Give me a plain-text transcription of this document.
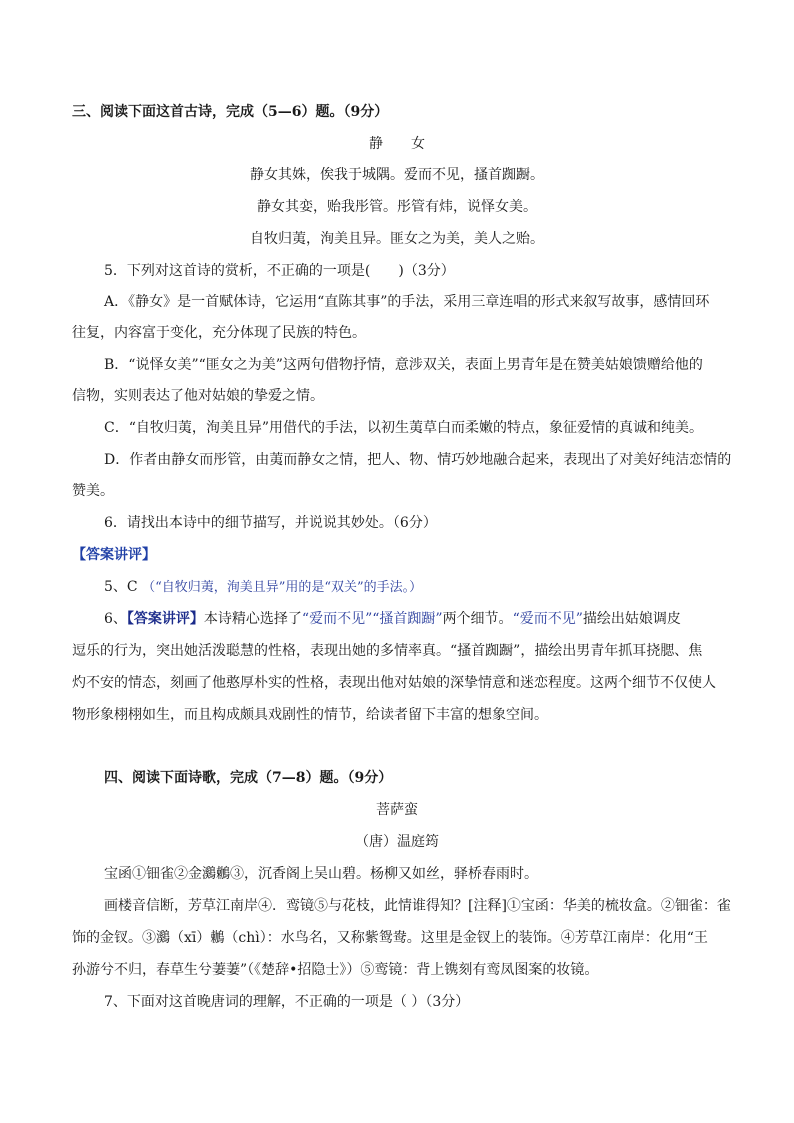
三、阅读下面这首古诗，完成（5—6）题。（9分）
静　　女
静女其姝，俟我于城隅。爱而不见，搔首踟蹰。
静女其娈，贻我彤管。彤管有炜，说怿女美。
自牧归荑，洵美且异。匪女之为美，美人之贻。
5．下列对这首诗的赏析，不正确的一项是(　　)（3分）
A．《静女》是一首赋体诗，它运用“直陈其事”的手法，采用三章连唱的形式来叙写故事，感情回环
往复，内容富于变化，充分体现了民族的特色。
B．“说怿女美”“匪女之为美”这两句借物抒情，意涉双关，表面上男青年是在赞美姑娘馈赠给他的
信物，实则表达了他对姑娘的挚爱之情。
C．“自牧归荑，洵美且异”用借代的手法，以初生荑草白而柔嫩的特点，象征爱情的真诚和纯美。
D．作者由静女而彤管，由荑而静女之情，把人、物、情巧妙地融合起来，表现出了对美好纯洁恋情的
赞美。
6．请找出本诗中的细节描写，并说说其妙处。（6分）
【答案讲评】
5、C （“自牧归荑，洵美且异”用的是“双关”的手法。）
6、【答案讲评】本诗精心选择了“爱而不见”“搔首踟蹰”两个细节。“爱而不见”描绘出姑娘调皮
逗乐的行为，突出她活泼聪慧的性格，表现出她的多情率真。“搔首踟蹰”，描绘出男青年抓耳挠腮、焦
灼不安的情态，刻画了他憨厚朴实的性格，表现出他对姑娘的深挚情意和迷恋程度。这两个细节不仅使人
物形象栩栩如生，而且构成颇具戏剧性的情节，给读者留下丰富的想象空间。
四、阅读下面诗歌，完成（7—8）题。（9分）
菩萨蛮
（唐）温庭筠
宝函①钿雀②金鸂鶒③，沉香阁上吴山碧。杨柳又如丝，驿桥春雨时。
画楼音信断，芳草江南岸④．鸾镜⑤与花枝，此情谁得知？[注释]①宝函：华美的梳妆盒。②钿雀：雀
饰的金钗。③鸂（xī）鶒（chì）：水鸟名，又称紫鸳鸯。这里是金钗上的装饰。④芳草江南岸：化用“王
孙游兮不归，春草生兮萋萋”（《楚辞•招隐士》）⑤鸾镜：背上镌刻有鸾凤图案的妆镜。
7、下面对这首晚唐词的理解，不正确的一项是（ ）（3分）
